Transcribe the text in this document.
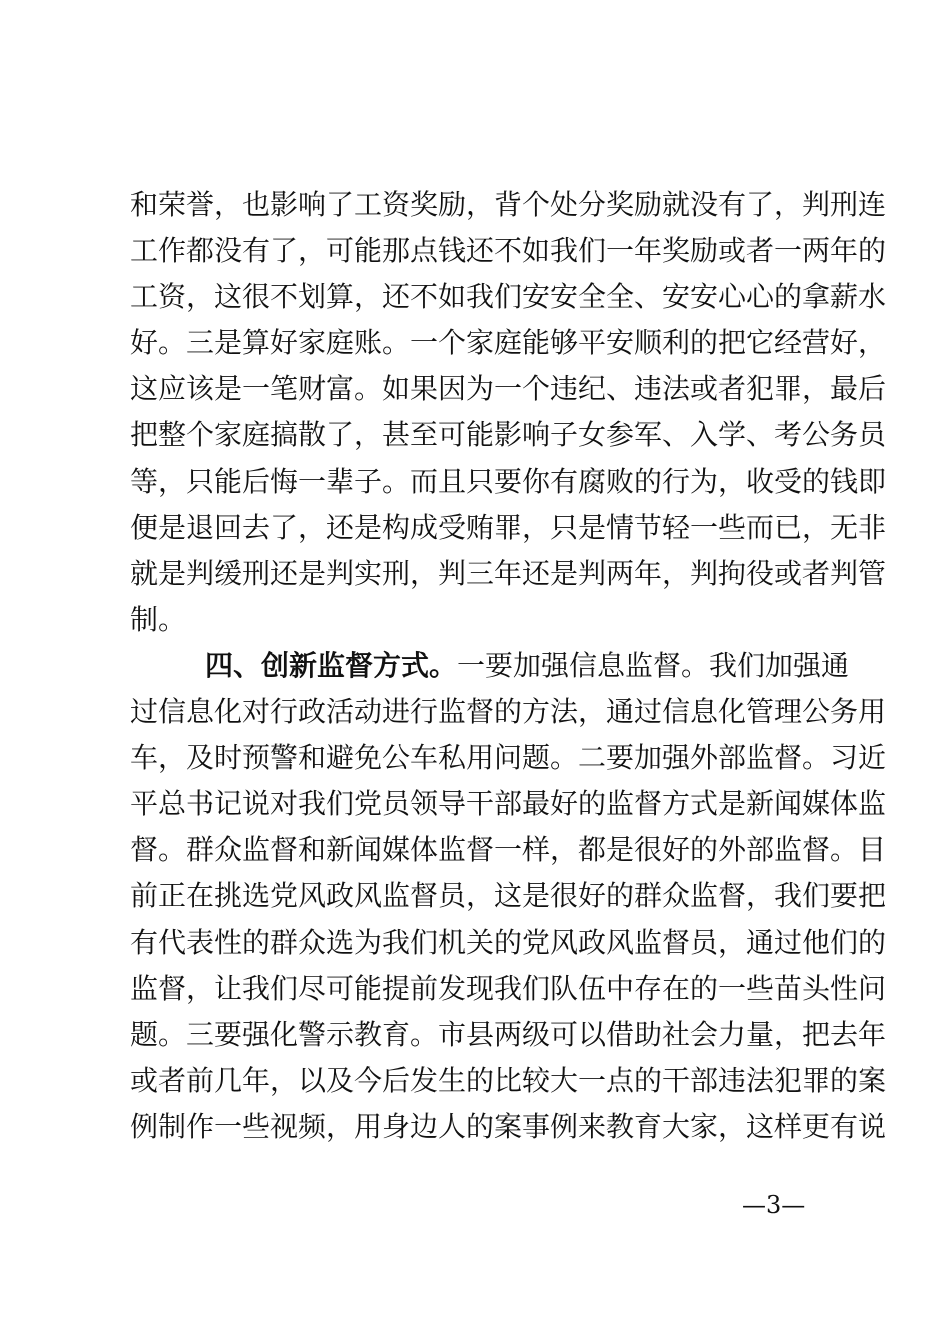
和荣誉，也影响了工资奖励，背个处分奖励就没有了，判刑连
工作都没有了，可能那点钱还不如我们一年奖励或者一两年的
工资，这很不划算，还不如我们安安全全、安安心心的拿薪水
好。三是算好家庭账。一个家庭能够平安顺利的把它经营好，
这应该是一笔财富。如果因为一个违纪、违法或者犯罪，最后
把整个家庭搞散了，甚至可能影响子女参军、入学、考公务员
等，只能后悔一辈子。而且只要你有腐败的行为，收受的钱即
便是退回去了，还是构成受贿罪，只是情节轻一些而已，无非
就是判缓刑还是判实刑，判三年还是判两年，判拘役或者判管
制。
四、创新监督方式。一要加强信息监督。我们加强通
过信息化对行政活动进行监督的方法，通过信息化管理公务用
车，及时预警和避免公车私用问题。二要加强外部监督。习近
平总书记说对我们党员领导干部最好的监督方式是新闻媒体监
督。群众监督和新闻媒体监督一样，都是很好的外部监督。目
前正在挑选党风政风监督员，这是很好的群众监督，我们要把
有代表性的群众选为我们机关的党风政风监督员，通过他们的
监督，让我们尽可能提前发现我们队伍中存在的一些苗头性问
题。三要强化警示教育。市县两级可以借助社会力量，把去年
或者前几年，以及今后发生的比较大一点的干部违法犯罪的案
例制作一些视频，用身边人的案事例来教育大家，这样更有说
—3—
